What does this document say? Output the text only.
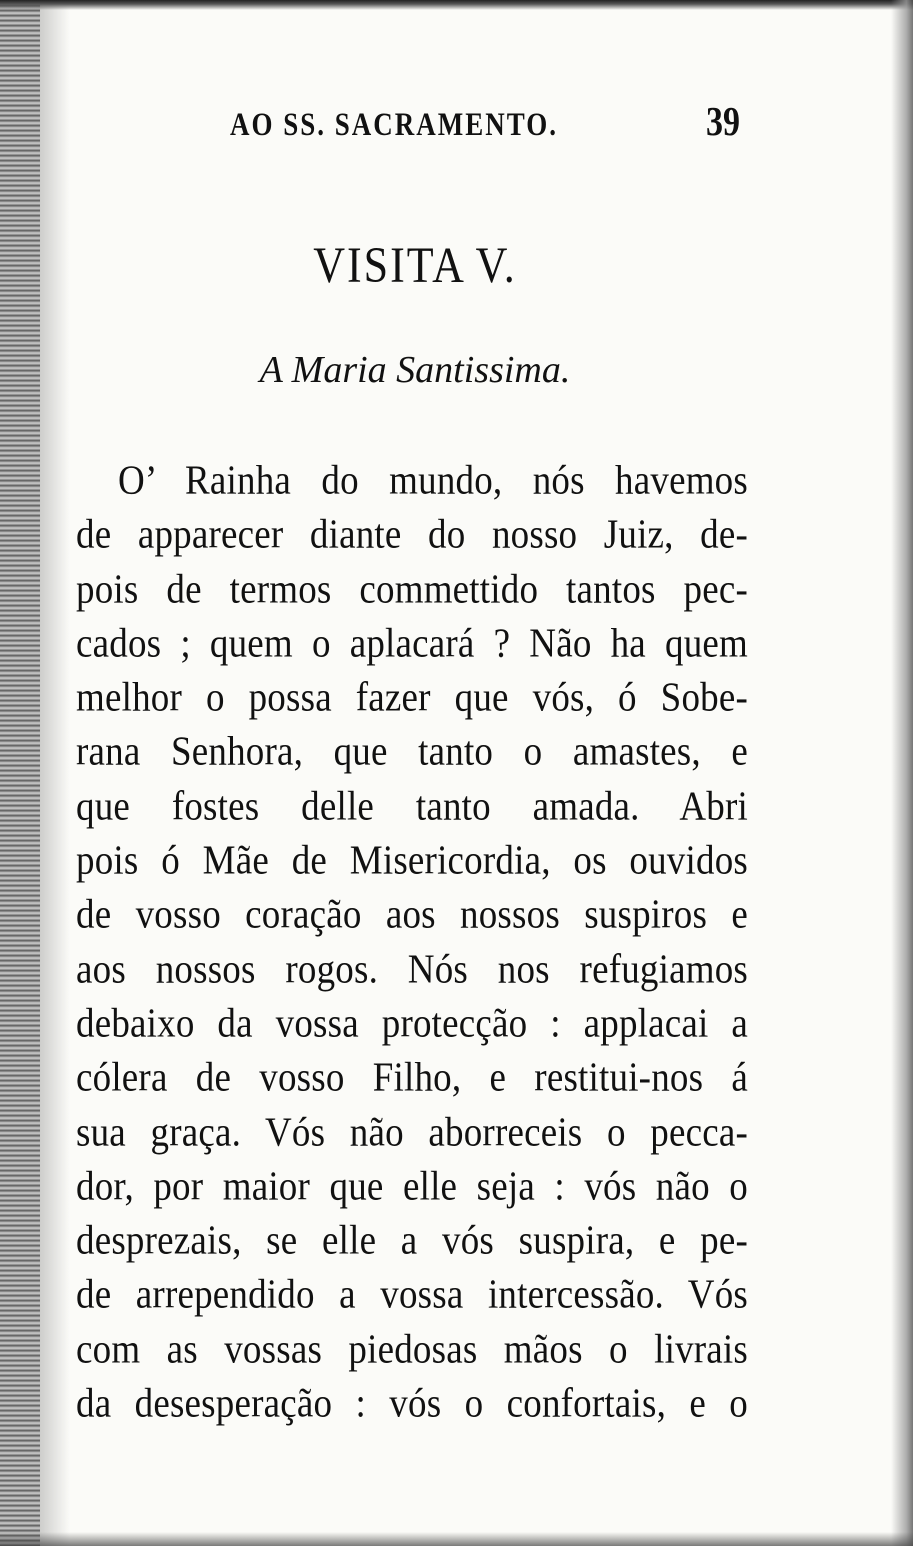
AO SS. SACRAMENTO.	39
VISITA V.
A Maria Santissima.
O’ Rainha do mundo, nós havemos
de apparecer diante do nosso Juiz, de-
pois de termos commettido tantos pec-
cados ; quem o aplacará ? Não ha quem
melhor o possa fazer que vós, ó Sobe-
rana Senhora, que tanto o amastes, e
que fostes delle tanto amada. Abri
pois ó Mãe de Misericordia, os ouvidos
de vosso coração aos nossos suspiros e
aos nossos rogos. Nós nos refugiamos
debaixo da vossa protecção : applacai a
cólera de vosso Filho, e restitui-nos á
sua graça. Vós não aborreceis o pecca-
dor, por maior que elle seja : vós não o
desprezais, se elle a vós suspira, e pe-
de arrependido a vossa intercessão. Vós
com as vossas piedosas mãos o livrais
da desesperação : vós o confortais, e o
